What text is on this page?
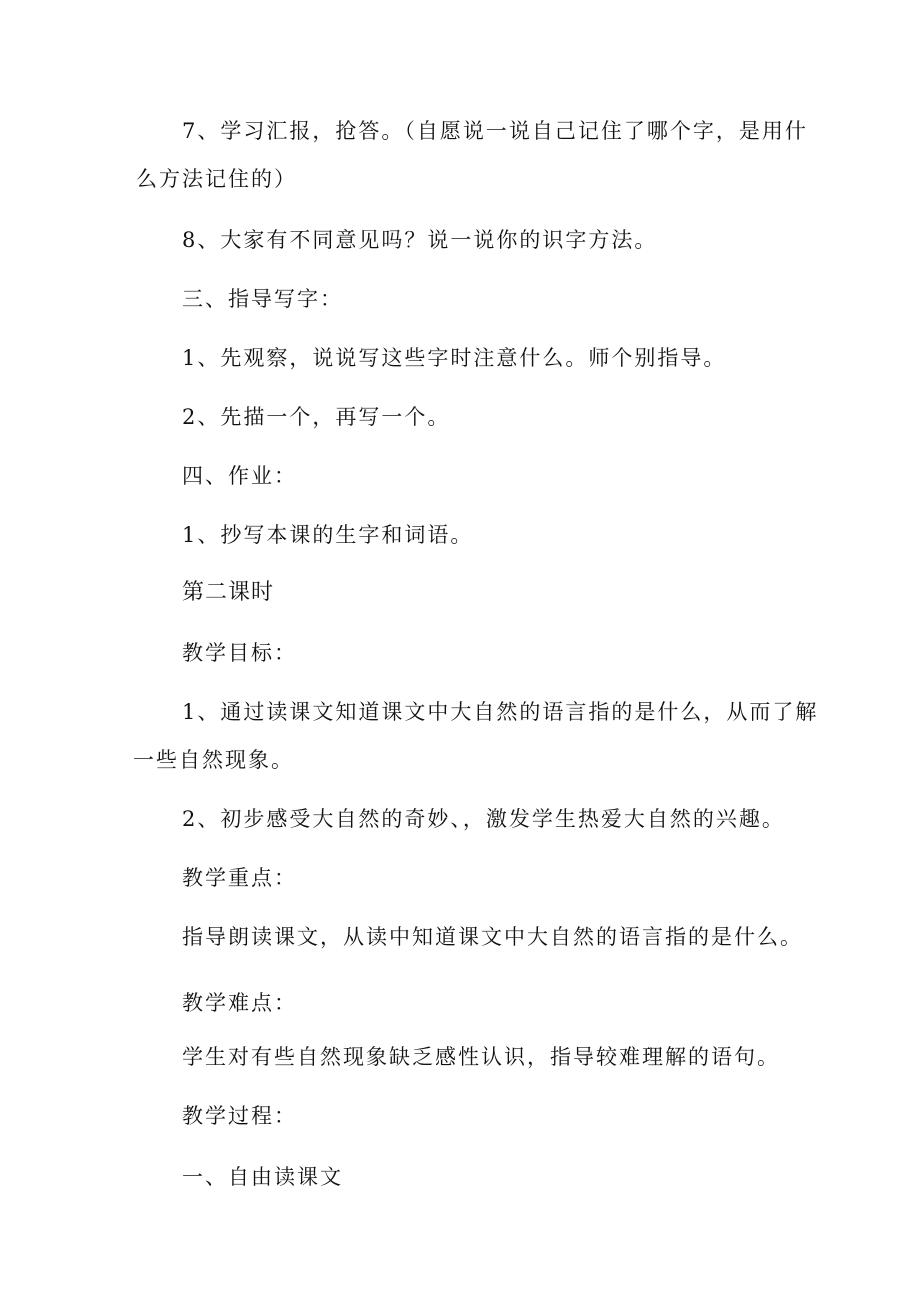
7、学习汇报，抢答。（自愿说一说自己记住了哪个字，是用什
么方法记住的）
8、大家有不同意见吗？说一说你的识字方法。
三、指导写字：
1、先观察，说说写这些字时注意什么。师个别指导。
2、先描一个，再写一个。
四、作业：
1、抄写本课的生字和词语。
第二课时
教学目标：
1、通过读课文知道课文中大自然的语言指的是什么，从而了解
一些自然现象。
2、初步感受大自然的奇妙、，激发学生热爱大自然的兴趣。
教学重点：
指导朗读课文，从读中知道课文中大自然的语言指的是什么。
教学难点：
学生对有些自然现象缺乏感性认识，指导较难理解的语句。
教学过程：
一、自由读课文
